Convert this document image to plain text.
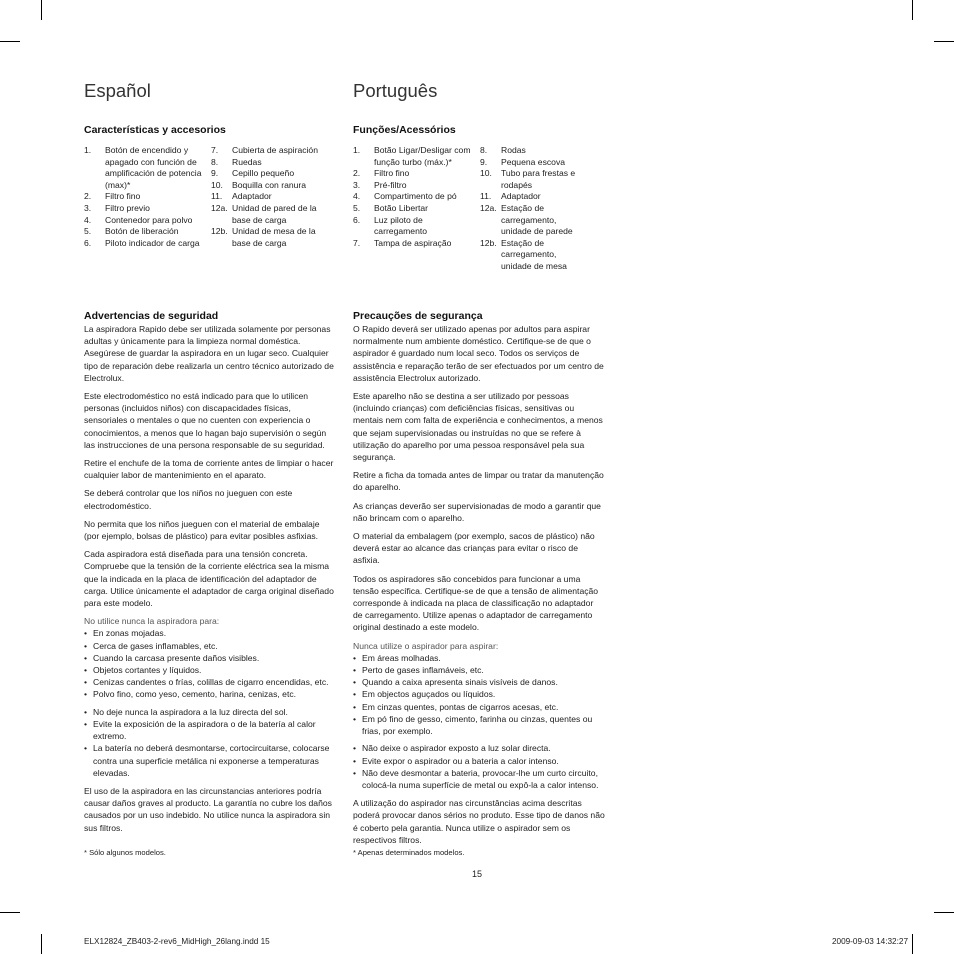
Español
Características y accesorios
1. Botón de encendido y apagado con función de amplificación de potencia (max)*
2. Filtro fino
3. Filtro previo
4. Contenedor para polvo
5. Botón de liberación
6. Piloto indicador de carga
7. Cubierta de aspiración
8. Ruedas
9. Cepillo pequeño
10. Boquilla con ranura
11. Adaptador
12a. Unidad de pared de la base de carga
12b. Unidad de mesa de la base de carga
Advertencias de seguridad

La aspiradora Rapido debe ser utilizada solamente por personas adultas y únicamente para la limpieza normal doméstica. Asegúrese de guardar la aspiradora en un lugar seco. Cualquier tipo de reparación debe realizarla un centro técnico autorizado de Electrolux.

Este electrodoméstico no está indicado para que lo utilicen personas (incluidos niños) con discapacidades físicas, sensoriales o mentales o que no cuenten con experiencia o conocimientos, a menos que lo hagan bajo supervisión o según las instrucciones de una persona responsable de su seguridad.

Retire el enchufe de la toma de corriente antes de limpiar o hacer cualquier labor de mantenimiento en el aparato.

Se deberá controlar que los niños no jueguen con este electrodoméstico.

No permita que los niños jueguen con el material de embalaje (por ejemplo, bolsas de plástico) para evitar posibles asfixias.

Cada aspiradora está diseñada para una tensión concreta. Compruebe que la tensión de la corriente eléctrica sea la misma que la indicada en la placa de identificación del adaptador de carga. Utilice únicamente el adaptador de carga original diseñado para este modelo.

No utilice nunca la aspiradora para:

• En zonas mojadas.
• Cerca de gases inflamables, etc.
• Cuando la carcasa presente daños visibles.
• Objetos cortantes y líquidos.
• Cenizas candentes o frías, colillas de cigarro encendidas, etc.
• Polvo fino, como yeso, cemento, harina, cenizas, etc.
• No deje nunca la aspiradora a la luz directa del sol.
• Evite la exposición de la aspiradora o de la batería al calor extremo.
• La batería no deberá desmontarse, cortocircuitarse, colocarse contra una superficie metálica ni exponerse a temperaturas elevadas.

El uso de la aspiradora en las circunstancias anteriores podría causar daños graves al producto. La garantía no cubre los daños causados por un uso indebido. No utilice nunca la aspiradora sin sus filtros.

* Sólo algunos modelos.
Português
Funções/Acessórios
1. Botão Ligar/Desligar com função turbo (máx.)*
2. Filtro fino
3. Pré-filtro
4. Compartimento de pó
5. Botão Libertar
6. Luz piloto de carregamento
7. Tampa de aspiração
8. Rodas
9. Pequena escova
10. Tubo para frestas e rodapés
11. Adaptador
12a. Estação de carregamento, unidade de parede
12b. Estação de carregamento, unidade de mesa
Precauções de segurança

O Rapido deverá ser utilizado apenas por adultos para aspirar normalmente num ambiente doméstico. Certifique-se de que o aspirador é guardado num local seco. Todos os serviços de assistência e reparação terão de ser efectuados por um centro de assistência Electrolux autorizado.

Este aparelho não se destina a ser utilizado por pessoas (incluindo crianças) com deficiências físicas, sensitivas ou mentais nem com falta de experiência e conhecimentos, a menos que sejam supervisionadas ou instruídas no que se refere à utilização do aparelho por uma pessoa responsável pela sua segurança.

Retire a ficha da tomada antes de limpar ou tratar da manutenção do aparelho.

As crianças deverão ser supervisionadas de modo a garantir que não brincam com o aparelho.

O material da embalagem (por exemplo, sacos de plástico) não deverá estar ao alcance das crianças para evitar o risco de asfixia.

Todos os aspiradores são concebidos para funcionar a uma tensão específica. Certifique-se de que a tensão de alimentação corresponde à indicada na placa de classificação no adaptador de carregamento. Utilize apenas o adaptador de carregamento original destinado a este modelo.

Nunca utilize o aspirador para aspirar:

• Em áreas molhadas.
• Perto de gases inflamáveis, etc.
• Quando a caixa apresenta sinais visíveis de danos.
• Em objectos aguçados ou líquidos.
• Em cinzas quentes, pontas de cigarros acesas, etc.
• Em pó fino de gesso, cimento, farinha ou cinzas, quentes ou frias, por exemplo.
• Não deixe o aspirador exposto a luz solar directa.
• Evite expor o aspirador ou a bateria a calor intenso.
• Não deve desmontar a bateria, provocar-lhe um curto circuito, colocá-la numa superfície de metal ou expô-la a calor intenso.

A utilização do aspirador nas circunstâncias acima descritas poderá provocar danos sérios no produto. Esse tipo de danos não é coberto pela garantia. Nunca utilize o aspirador sem os respectivos filtros.

* Apenas determinados modelos.
15
ELX12824_ZB403-2-rev6_MidHigh_26lang.indd 15	2009-09-03 14:32:27
